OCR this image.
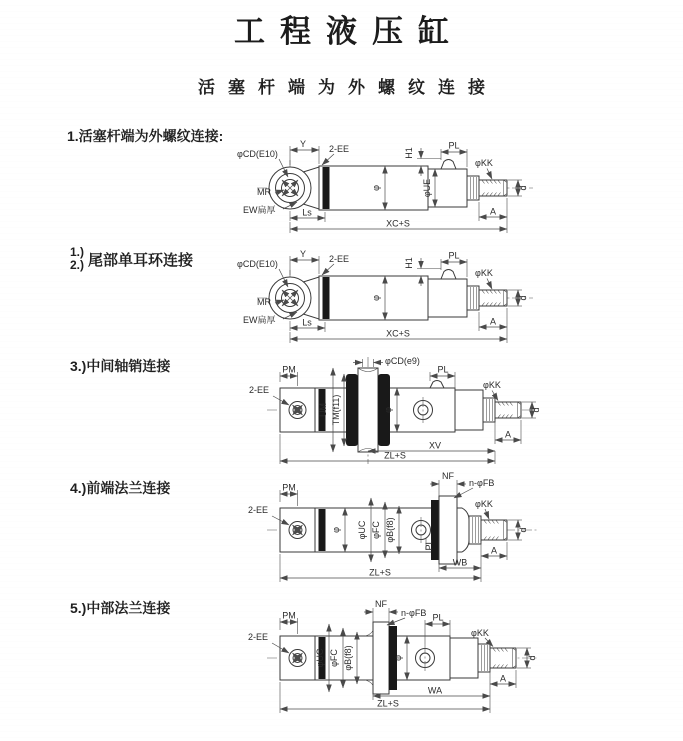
工程液压缸
活塞杆端为外螺纹连接
1.活塞杆端为外螺纹连接:	Y	2-EE
φCD(E10)	H1
PL
φKK
φ	φUE	d
MR
EW扁厚	Ls	A
XC+S
1.)
2.) 尾部单耳环连接	Y	2-EE
φCD(E10)	H1
PL
φKK
φ	d
MR
EW扁厚	Ls	A
XC+S
3.)中间轴销连接	PM
2-EE
φCD(e9)
UM TM(f11)	φ
PL
φKK
d
A
XV
ZL+S
4.)前端法兰连接	PM
2-EE
φ φUC φFC φB(f8)
PL
NF
n-φFB
φKK
d
A
WB
ZL+S
5.)中部法兰连接	PM
2-EE
φUC φFC φB(f8)
NF
n-φFB
φ
PL
φKK
d
A
WA
ZL+S
